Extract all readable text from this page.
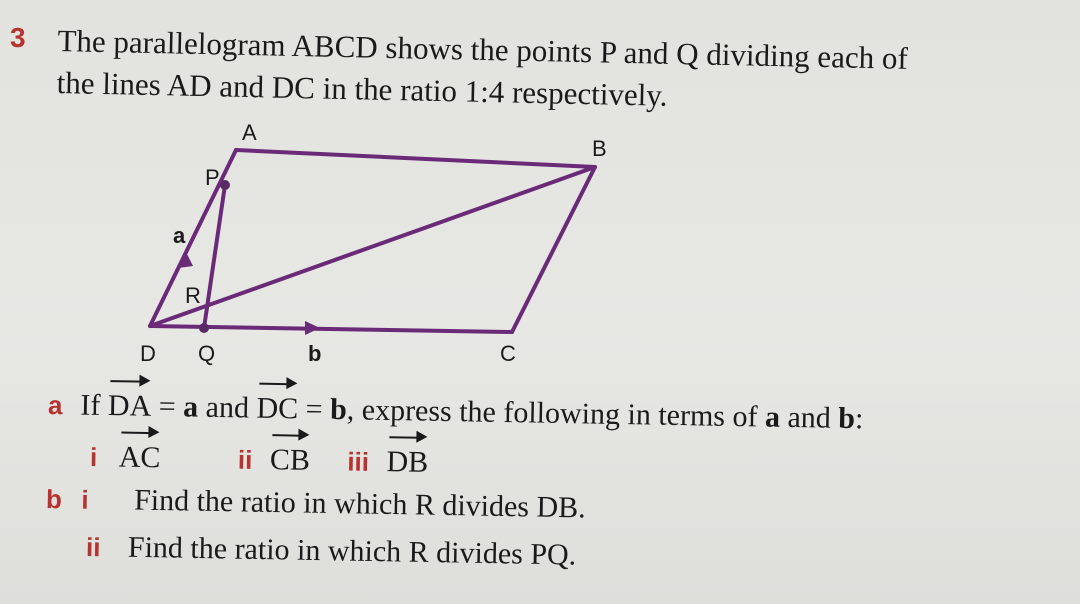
3 The parallelogram ABCD shows the points P and Q dividing each of
the lines AD and DC in the ratio 1:4 respectively.
A
B
C
D
P
Q
R
a
b
a If DA = a and DC = b, express the following in terms of a and b:
i AC	ii CB iii DB
b i Find the ratio in which R divides DB.
ii Find the ratio in which R divides PQ.
